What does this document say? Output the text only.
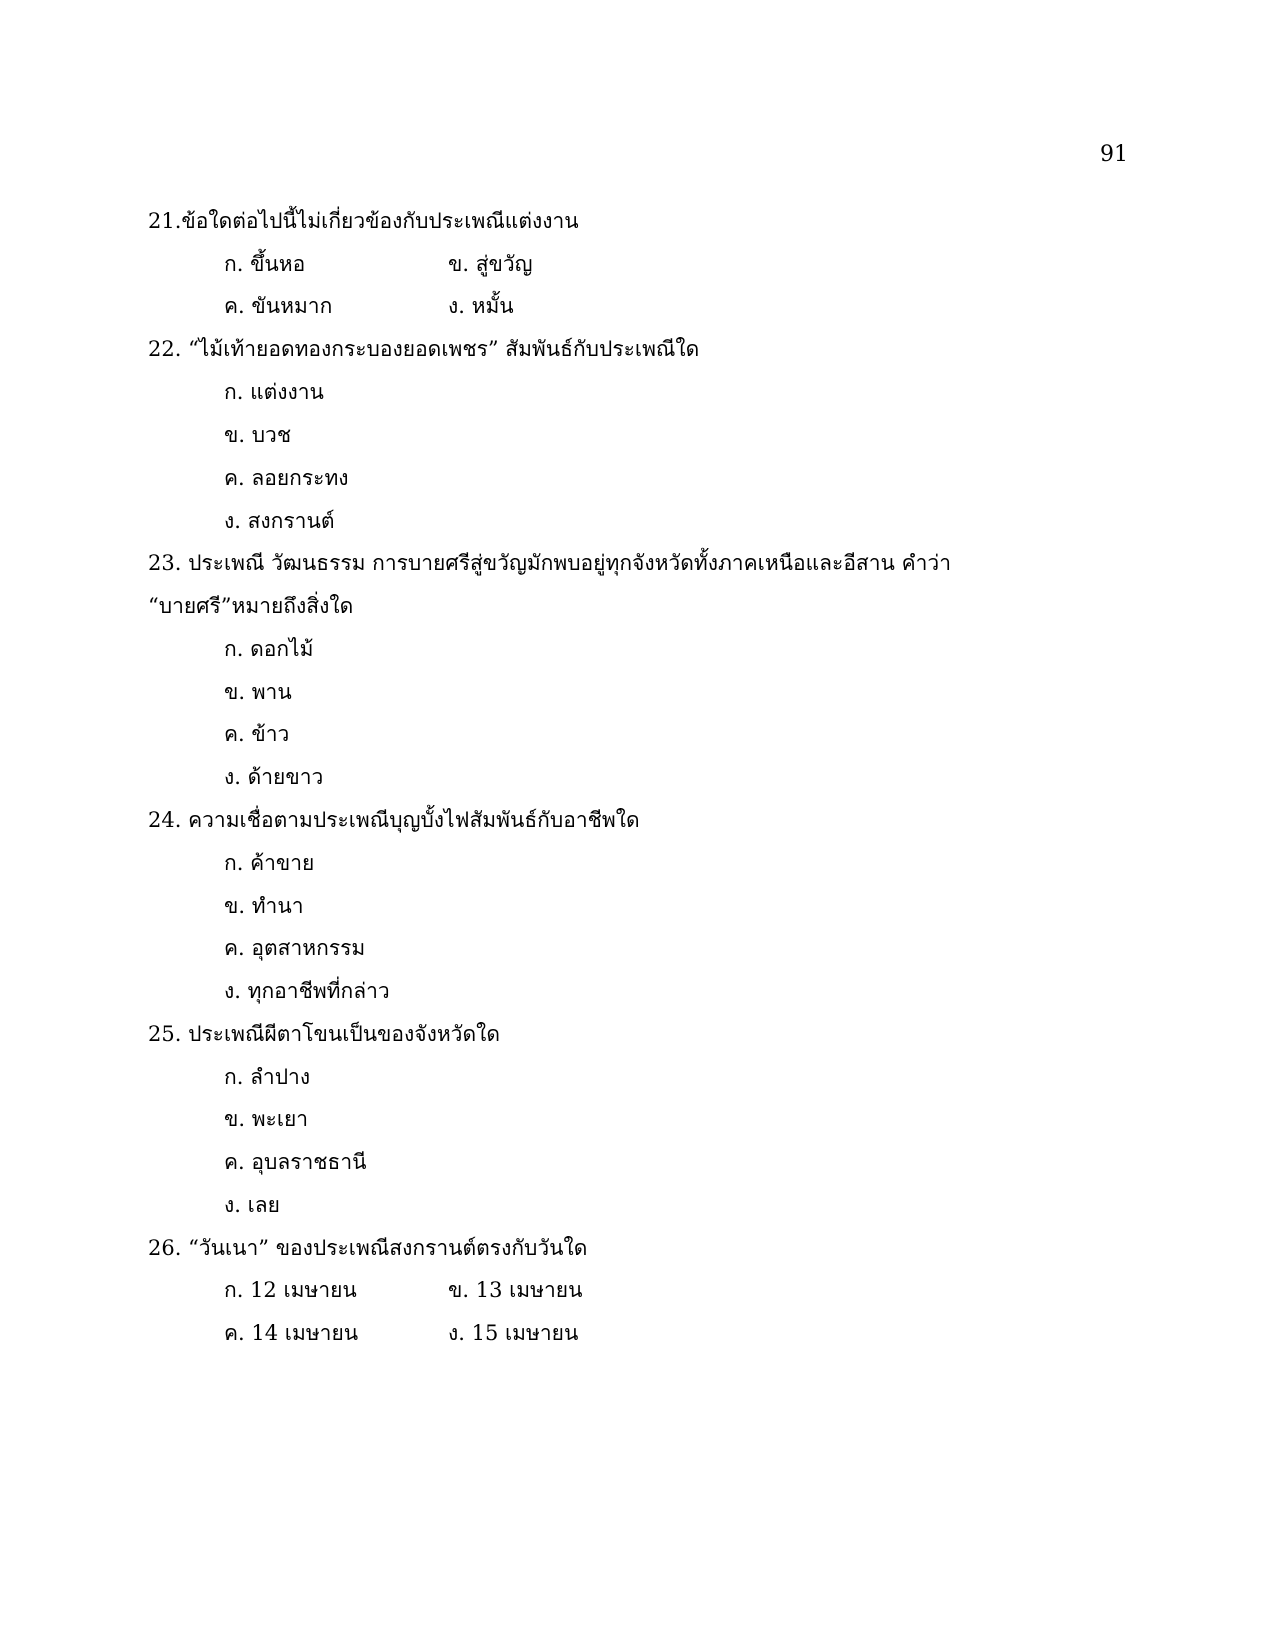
91
21.ข้อใดต่อไปนี้ไม่เกี่ยวข้องกับประเพณีแต่งงาน
ก. ขึ้นหอ	ข. สู่ขวัญ
ค. ขันหมาก	ง. หมั้น
22. “ไม้เท้ายอดทองกระบองยอดเพชร” สัมพันธ์กับประเพณีใด
ก. แต่งงาน
ข. บวช
ค. ลอยกระทง
ง. สงกรานต์
23. ประเพณี วัฒนธรรม การบายศรีสู่ขวัญมักพบอยู่ทุกจังหวัดทั้งภาคเหนือและอีสาน คำว่า
“บายศรี”หมายถึงสิ่งใด
ก. ดอกไม้
ข. พาน
ค. ข้าว
ง. ด้ายขาว
24. ความเชื่อตามประเพณีบุญบั้งไฟสัมพันธ์กับอาชีพใด
ก. ค้าขาย
ข. ทำนา
ค. อุตสาหกรรม
ง. ทุกอาชีพที่กล่าว
25. ประเพณีผีตาโขนเป็นของจังหวัดใด
ก. ลำปาง
ข. พะเยา
ค. อุบลราชธานี
ง. เลย
26. “วันเนา” ของประเพณีสงกรานต์ตรงกับวันใด
ก. 12 เมษายน	ข. 13 เมษายน
ค. 14 เมษายน	ง. 15 เมษายน
